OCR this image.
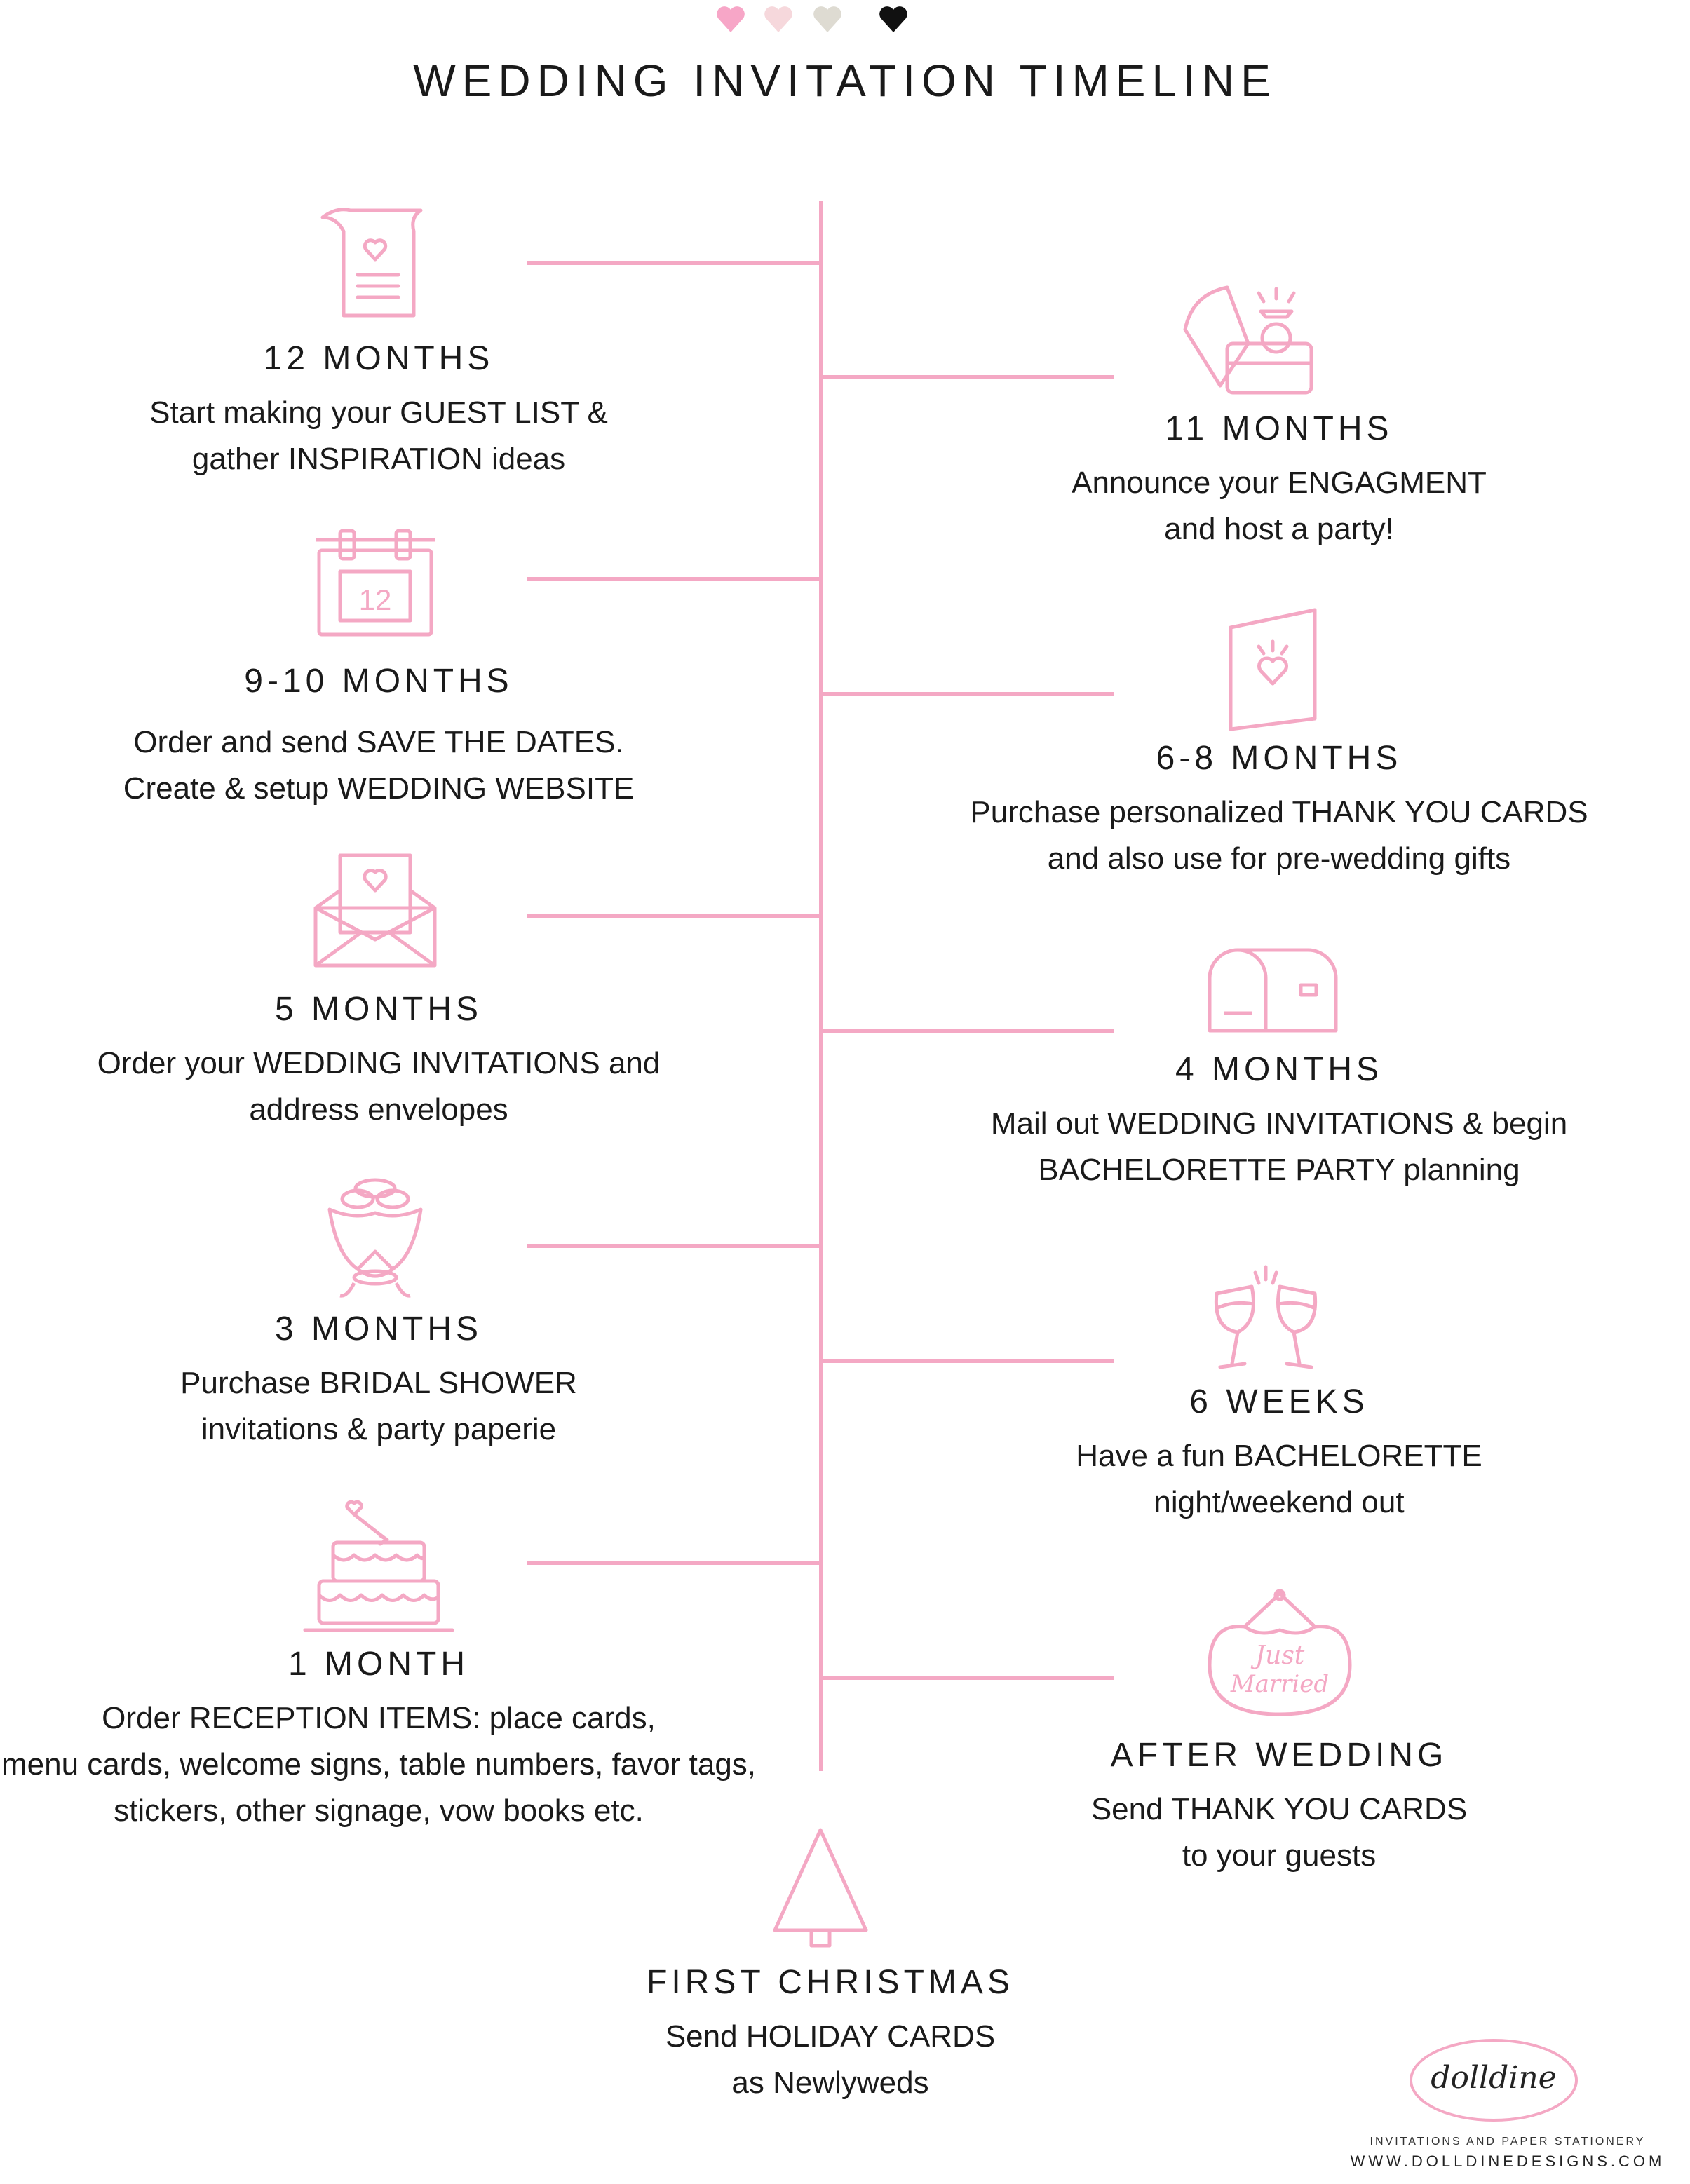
WEDDING INVITATION TIMELINE
12
Just
Married
12 MONTHS
Start making your GUEST LIST &
gather INSPIRATION ideas
11 MONTHS
Announce your ENGAGMENT
and host a party!
9-10 MONTHS
Order and send SAVE THE DATES.
Create & setup WEDDING WEBSITE
6-8 MONTHS
Purchase personalized THANK YOU CARDS
and also use for pre-wedding gifts
5 MONTHS
Order your WEDDING INVITATIONS and
address envelopes
4 MONTHS
Mail out WEDDING INVITATIONS & begin
BACHELORETTE PARTY planning
3 MONTHS
Purchase BRIDAL SHOWER
invitations & party paperie
6 WEEKS
Have a fun BACHELORETTE
night/weekend out
1 MONTH
Order RECEPTION ITEMS: place cards,
menu cards, welcome signs, table numbers, favor tags,
stickers, other signage, vow books etc.
AFTER WEDDING
Send THANK YOU CARDS
to your guests
FIRST CHRISTMAS
Send HOLIDAY CARDS
as Newlyweds	dolldine
INVITATIONS AND PAPER STATIONERY
WWW.DOLLDINEDESIGNS.COM
